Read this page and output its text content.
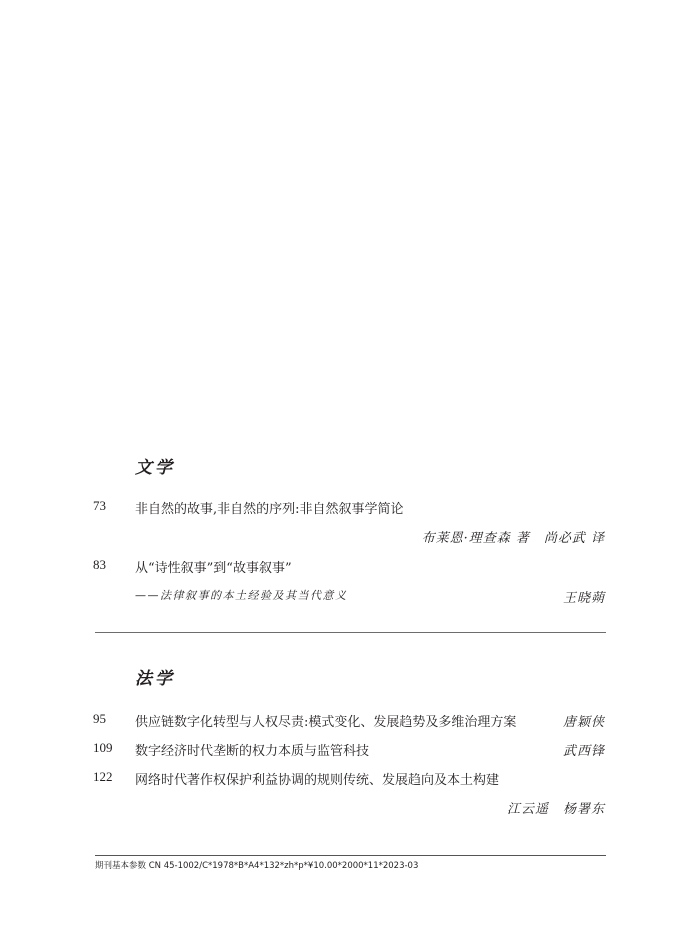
文学
73 非自然的故事,非自然的序列:非自然叙事学简论
布莱恩·理查森 著　尚必武 译
83 从“诗性叙事”到“故事叙事”
——法律叙事的本土经验及其当代意义	王晓蒴
法学
95 供应链数字化转型与人权尽责:模式变化、发展趋势及多维治理方案	唐颖侠
109 数字经济时代垄断的权力本质与监管科技	武西锋
122 网络时代著作权保护利益协调的规则传统、发展趋向及本土构建
江云遥　杨署东
期刊基本参数 CN 45-1002/C*1978*B*A4*132*zh*p*¥10.00*2000*11*2023-03
